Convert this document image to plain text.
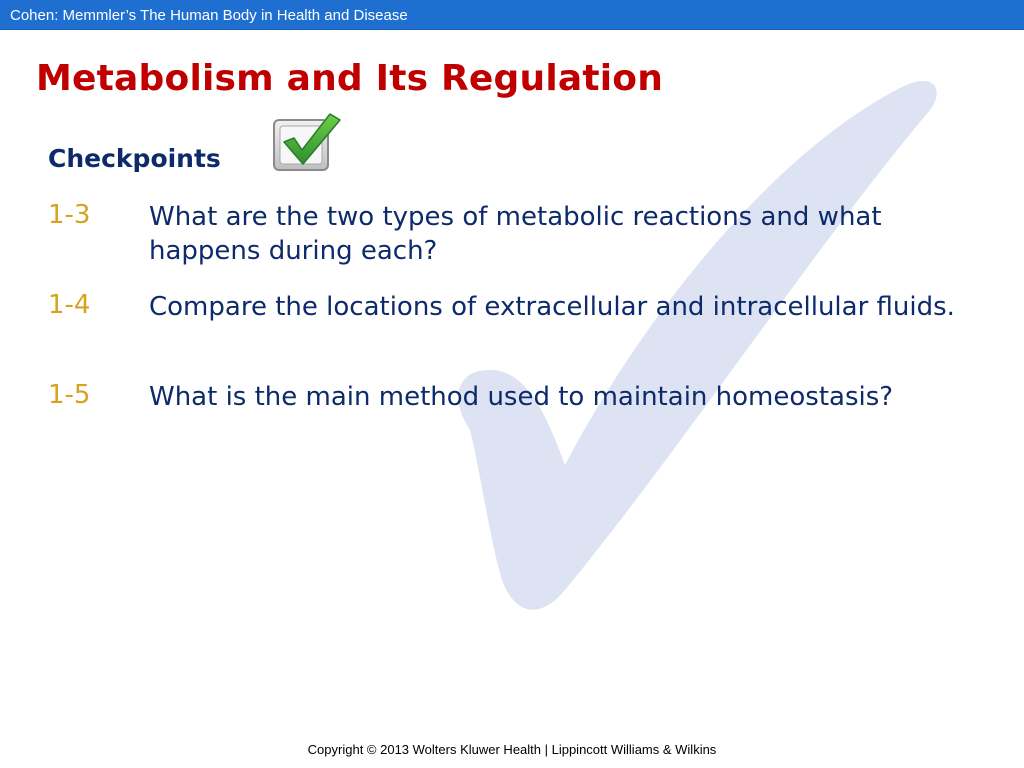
Cohen: Memmler’s The Human Body in Health and Disease
Metabolism and Its Regulation
Checkpoints
1-3 What are the two types of metabolic reactions and what happens during each?
1-4 Compare the locations of extracellular and intracellular fluids.
1-5 What is the main method used to maintain homeostasis?
Copyright © 2013 Wolters Kluwer Health | Lippincott Williams & Wilkins
